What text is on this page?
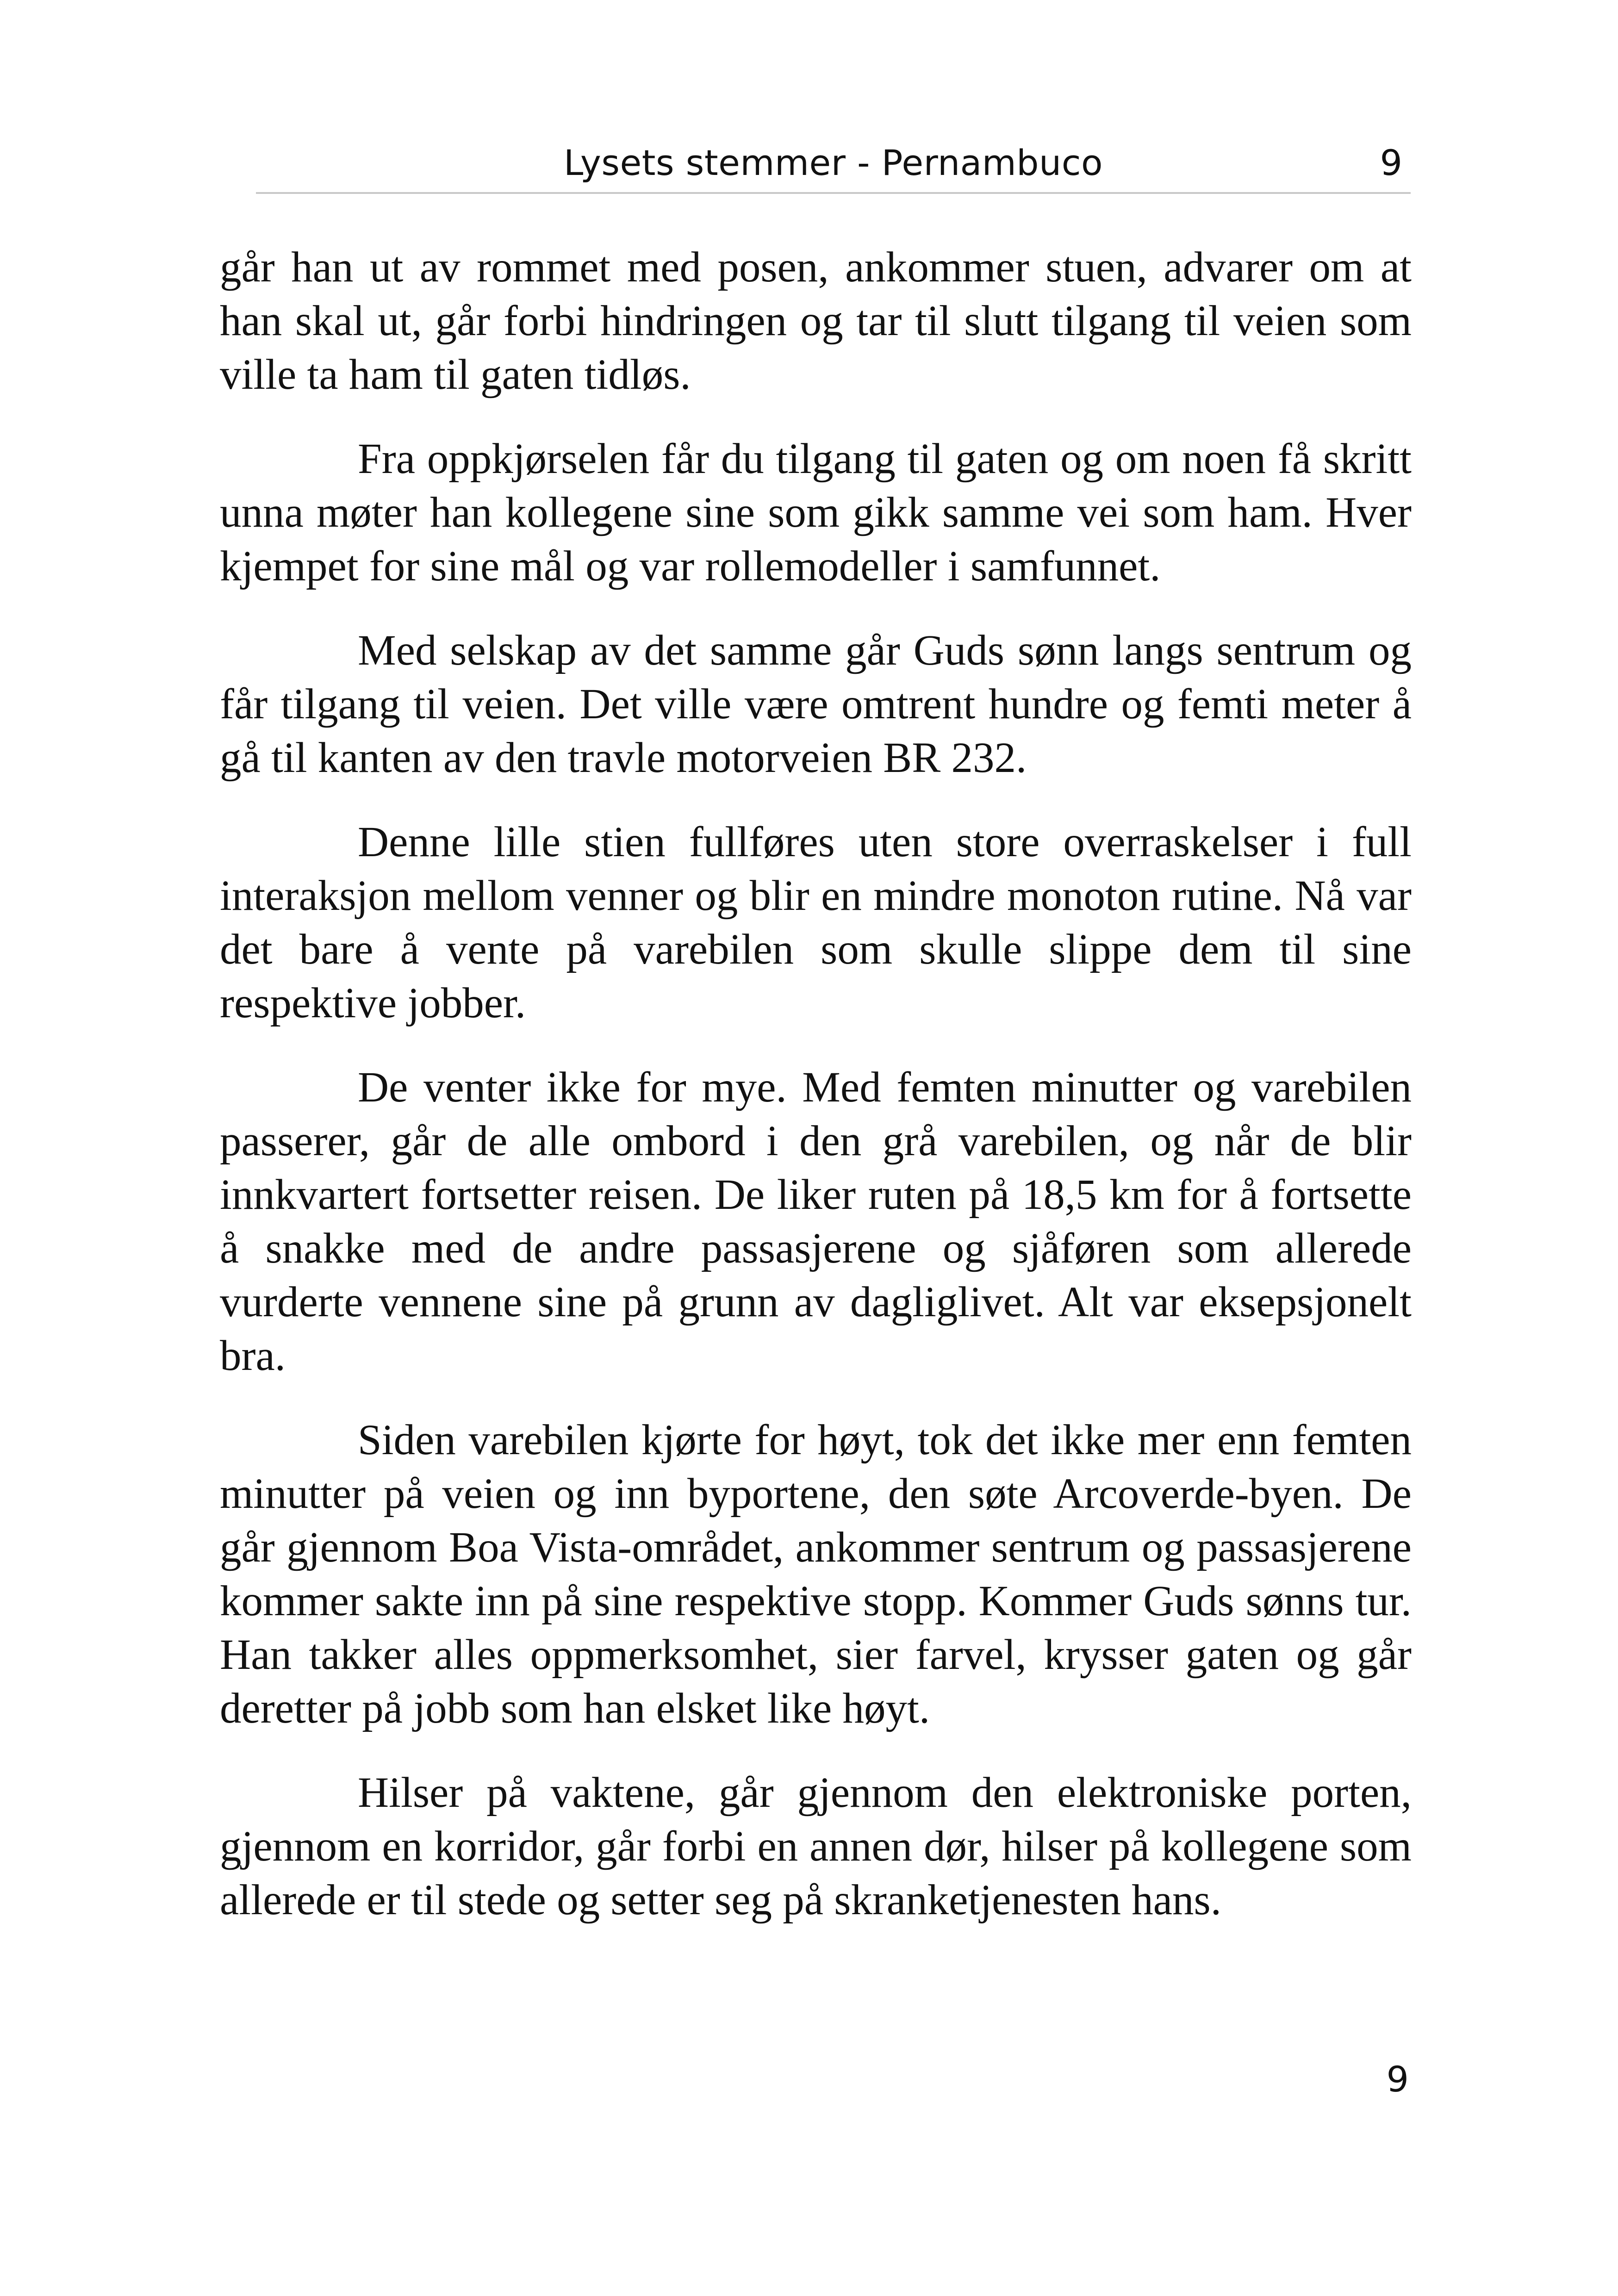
Lysets stemmer - Pernambuco	9

går han ut av rommet med posen, ankommer stuen, advarer om at han skal ut, går forbi hindringen og tar til slutt tilgang til veien som ville ta ham til gaten tidløs.

Fra oppkjørselen får du tilgang til gaten og om noen få skritt unna møter han kollegene sine som gikk samme vei som ham. Hver kjempet for sine mål og var rollemodeller i samfunnet.

Med selskap av det samme går Guds sønn langs sentrum og får tilgang til veien. Det ville være omtrent hundre og femti meter å gå til kanten av den travle motorveien BR 232.

Denne lille stien fullføres uten store overraskelser i full interaksjon mellom venner og blir en mindre monoton rutine. Nå var det bare å vente på varebilen som skulle slippe dem til sine respektive jobber.

De venter ikke for mye. Med femten minutter og varebilen passerer, går de alle ombord i den grå varebilen, og når de blir innkvartert fortsetter reisen. De liker ruten på 18,5 km for å fortsette å snakke med de andre passasjerene og sjåføren som allerede vurderte vennene sine på grunn av dagliglivet. Alt var eksepsjonelt bra.

Siden varebilen kjørte for høyt, tok det ikke mer enn femten minutter på veien og inn byportene, den søte Arcoverde-byen. De går gjennom Boa Vista-området, ankommer sentrum og passasjerene kommer sakte inn på sine respektive stopp. Kommer Guds sønns tur. Han takker alles oppmerksomhet, sier farvel, krysser gaten og går deretter på jobb som han elsket like høyt.

Hilser på vaktene, går gjennom den elektroniske porten, gjennom en korridor, går forbi en annen dør, hilser på kollegene som allerede er til stede og setter seg på skranketjenesten hans.

9
